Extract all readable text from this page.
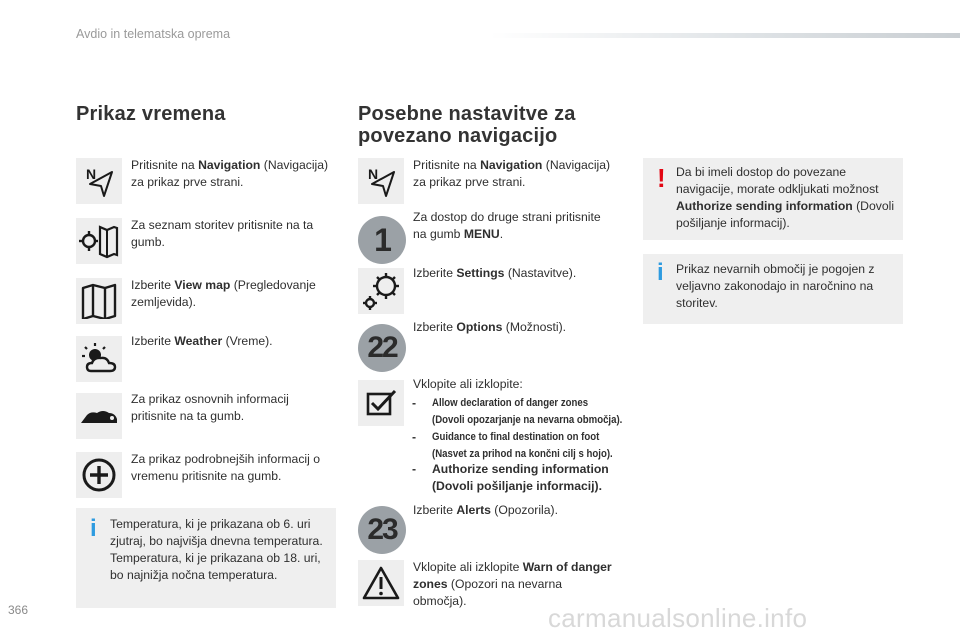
Avdio in telematska oprema
Prikaz vremena
N
Pritisnite na Navigation (Navigacija) za prikaz prve strani.
Za seznam storitev pritisnite na ta gumb.
Izberite View map (Pregledovanje zemljevida).
Izberite Weather (Vreme).
Za prikaz osnovnih informacij pritisnite na ta gumb.
Za prikaz podrobnejših informacij o vremenu pritisnite na gumb.
i Temperatura, ki je prikazana ob 6. uri zjutraj, bo najvišja dnevna temperatura. Temperatura, ki je prikazana ob 18. uri, bo najnižja nočna temperatura.
Posebne nastavitve za
povezano navigacijo
N
Pritisnite na Navigation (Navigacija) za prikaz prve strani.
1
Za dostop do druge strani pritisnite na gumb MENU.
Izberite Settings (Nastavitve).
22
Izberite Options (Možnosti).
Vklopite ali izklopite:
- Allow declaration of danger zones
(Dovoli opozarjanje na nevarna območja).
- Guidance to final destination on foot
(Nasvet za prihod na končni cilj s hojo).
- Authorize sending information
(Dovoli pošiljanje informacij).
23
Izberite Alerts (Opozorila).
Vklopite ali izklopite Warn of danger zones (Opozori na nevarna območja).
! Da bi imeli dostop do povezane navigacije, morate odkljukati možnost Authorize sending information (Dovoli pošiljanje informacij).
i Prikaz nevarnih območij je pogojen z veljavno zakonodajo in naročnino na storitev.
366	carmanualsonline.info
